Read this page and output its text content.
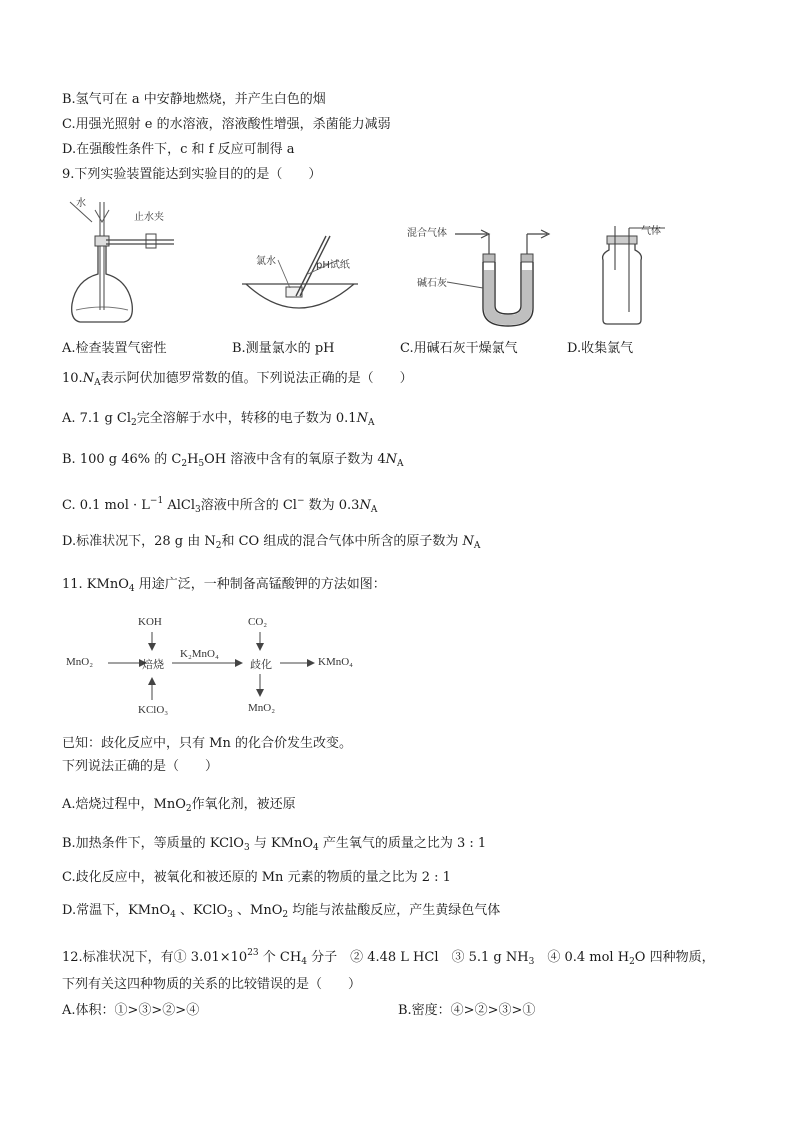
B.氢气可在 a 中安静地燃烧，并产生白色的烟
C.用强光照射 e 的水溶液，溶液酸性增强，杀菌能力减弱
D.在强酸性条件下，c 和 f 反应可制得 a
9.下列实验装置能达到实验目的的是（　　）
水
止水夹
氯水	pH试纸
混合气体
碱石灰
气体
A.检查装置气密性	B.测量氯水的 pH	C.用碱石灰干燥氯气	D.收集氯气
$10.N_A$表示阿伏加德罗常数的值。下列说法正确的是（　　）
A. 7.1 g $Cl_2$完全溶解于水中，转移的电子数为 $0.1N_A$
B. 100 g 46% 的 $C_2H_5OH$ 溶液中含有的氧原子数为 $4N_A$
C. 0.1 mol · $L^{-1}$ AlCl$_3$溶液中所含的 Cl− 数为 $0.3N_A$
D.标准状况下，28 g 由 $N_2$和 CO 组成的混合气体中所含的原子数为 $N_A$
11. KMnO$_4$ 用途广泛，一种制备高锰酸钾的方法如图：
MnO₂
KOH
焙烧
KClO₃
K₂MnO₄
CO₂
歧化	KMnO₄
MnO₂
已知：歧化反应中，只有 Mn 的化合价发生改变。
下列说法正确的是（　　）
A.焙烧过程中，MnO$_2$作氧化剂，被还原
B.加热条件下，等质量的 KClO$_3$ 与 KMnO$_4$ 产生氧气的质量之比为 3 : 1
C.歧化反应中，被氧化和被还原的 Mn 元素的物质的量之比为 2 : 1
D.常温下，KMnO$_4$ 、KClO$_3$ 、MnO$_2$ 均能与浓盐酸反应，产生黄绿色气体
12.标准状况下，有① $3.01\times 10^{23}$ 个 $CH_4$ 分子　② 4.48 L HCl　③ 5.1 g $NH_3$　④ 0.4 mol $H_2O$ 四种物质，
下列有关这四种物质的关系的比较错误的是（　　）
A.体积：①>③>②>④	B.密度：④>②>③>①
